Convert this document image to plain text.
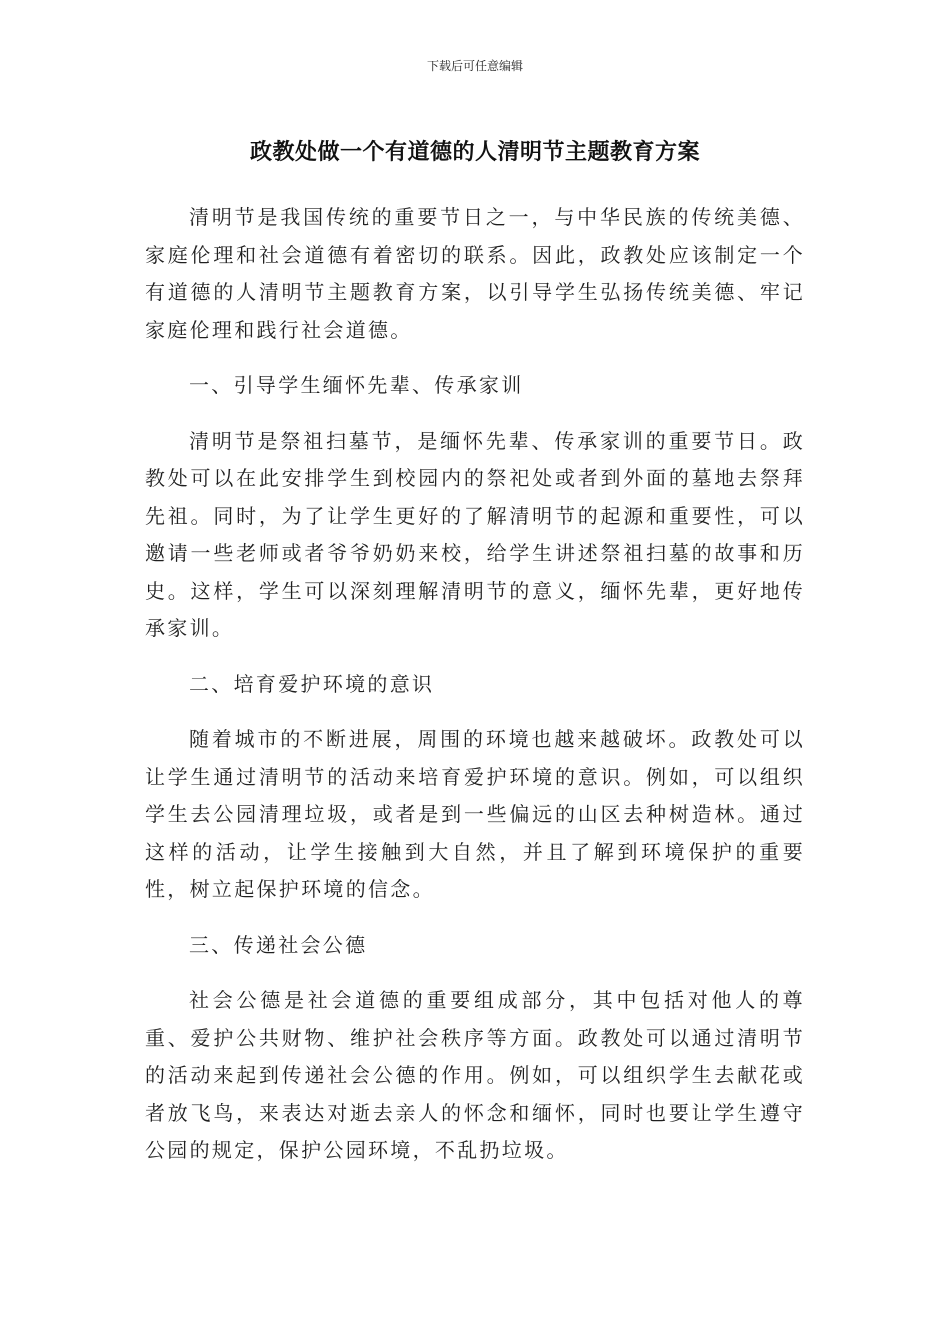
下载后可任意编辑
政教处做一个有道德的人清明节主题教育方案

清明节是我国传统的重要节日之一，与中华民族的传统美德、家庭伦理和社会道德有着密切的联系。因此，政教处应该制定一个有道德的人清明节主题教育方案，以引导学生弘扬传统美德、牢记家庭伦理和践行社会道德。

一、引导学生缅怀先辈、传承家训

清明节是祭祖扫墓节，是缅怀先辈、传承家训的重要节日。政教处可以在此安排学生到校园内的祭祀处或者到外面的墓地去祭拜先祖。同时，为了让学生更好的了解清明节的起源和重要性，可以邀请一些老师或者爷爷奶奶来校，给学生讲述祭祖扫墓的故事和历史。这样，学生可以深刻理解清明节的意义，缅怀先辈，更好地传承家训。

二、培育爱护环境的意识

随着城市的不断进展，周围的环境也越来越破坏。政教处可以让学生通过清明节的活动来培育爱护环境的意识。例如，可以组织学生去公园清理垃圾，或者是到一些偏远的山区去种树造林。通过这样的活动，让学生接触到大自然，并且了解到环境保护的重要性，树立起保护环境的信念。

三、传递社会公德

社会公德是社会道德的重要组成部分，其中包括对他人的尊重、爱护公共财物、维护社会秩序等方面。政教处可以通过清明节的活动来起到传递社会公德的作用。例如，可以组织学生去献花或者放飞鸟，来表达对逝去亲人的怀念和缅怀，同时也要让学生遵守公园的规定，保护公园环境，不乱扔垃圾。
